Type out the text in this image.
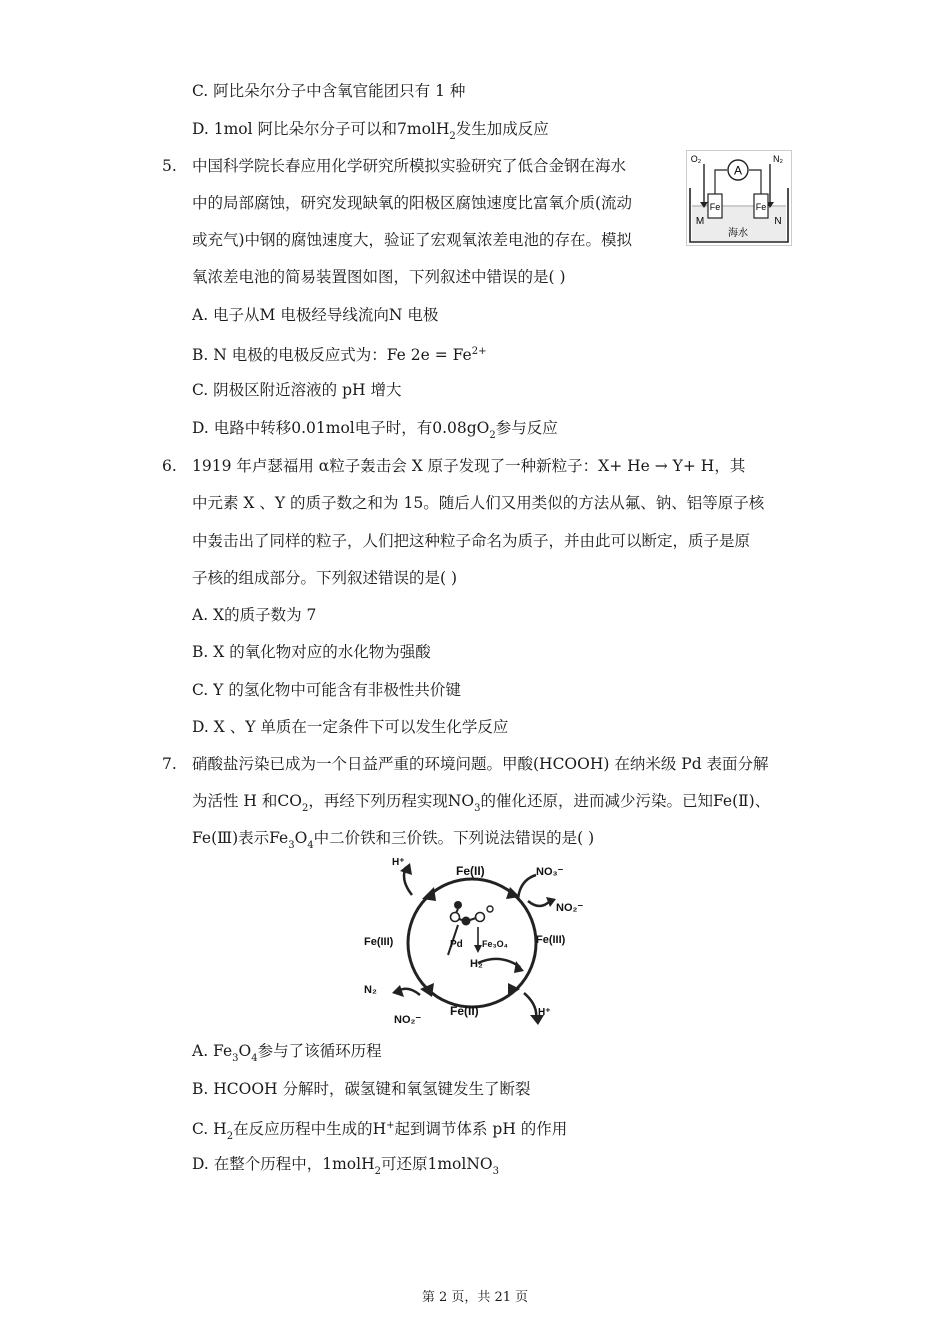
C. 阿比朵尔分子中含氧官能团只有 1 种
D. 1mol 阿比朵尔分子可以和7molH$_2$发生加成反应
5. 中国科学院长春应用化学研究所模拟实验研究了低合金钢在海水
中的局部腐蚀，研究发现缺氧的阳极区腐蚀速度比富氧介质(流动
或充气)中钢的腐蚀速度大，验证了宏观氧浓差电池的存在。模拟
氧浓差电池的简易装置图如图，下列叙述中错误的是( )
A
O₂	N₂
Fe	Fe
M	N
海水
A. 电子从M 电极经导线流向N 电极
B. N 电极的电极反应式为：Fe $2e = Fe^{2+}$
C. 阴极区附近溶液的 pH 增大
D. 电路中转移0.01mol电子时，有$0.08gO_2$参与反应
6. 1919 年卢瑟福用 α粒子轰击会 X 原子发现了一种新粒子：X+ He → Y+ H，其
中元素 X 、Y 的质子数之和为 15。随后人们又用类似的方法从氟、钠、铝等原子核
中轰击出了同样的粒子，人们把这种粒子命名为质子，并由此可以断定，质子是原
子核的组成部分。下列叙述错误的是( )
A. X的质子数为 7
B. X 的氧化物对应的水化物为强酸
C. Y 的氢化物中可能含有非极性共价键
D. X 、Y 单质在一定条件下可以发生化学反应
7. 硝酸盐污染已成为一个日益严重的环境问题。甲酸(HCOOH) 在纳米级 Pd 表面分解
为活性 H 和$CO_2$，再经下列历程实现$NO_3$的催化还原，进而减少污染。已知Fe(Ⅱ)、
Fe(Ⅲ)表示$Fe_3O_4$中二价铁和三价铁。下列说法错误的是( )
H⁺
Fe(II)	NO₃⁻
NO₂⁻
Fe(III)	Fe(III)
Pd Fe₃O₄
H₂
N₂
NO₂⁻
Fe(II)	H⁺
A. $Fe_3O_4$参与了该循环历程
B. HCOOH 分解时，碳氢键和氧氢键发生了断裂
C. $H_2$在反应历程中生成的H+起到调节体系 pH 的作用
D. 在整个历程中，1molH$_2$可还原1molNO$_3$
第 2 页，共 21 页
